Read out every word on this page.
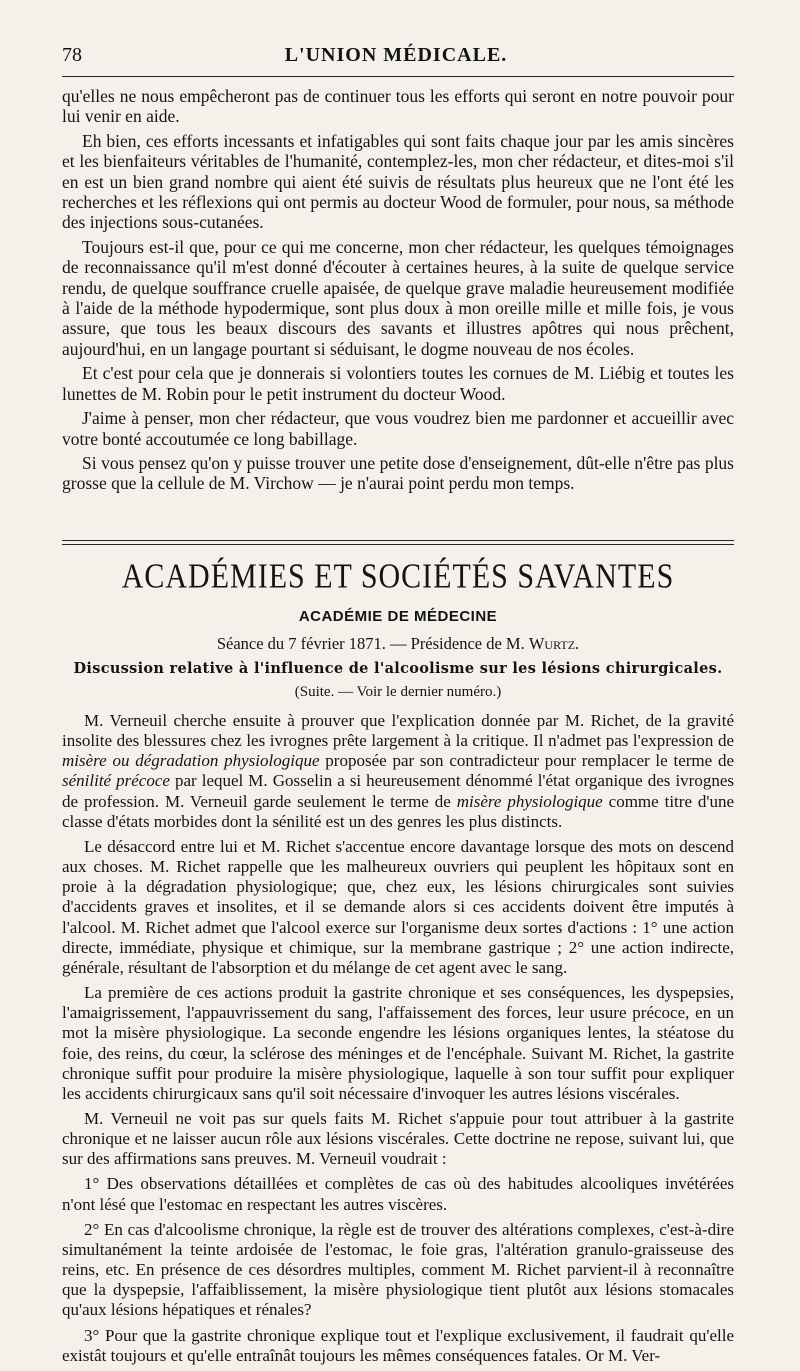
78	L'UNION MÉDICALE.

qu'elles ne nous empêcheront pas de continuer tous les efforts qui seront en notre pouvoir pour lui venir en aide.

Eh bien, ces efforts incessants et infatigables qui sont faits chaque jour par les amis sincères et les bienfaiteurs véritables de l'humanité, contemplez-les, mon cher rédacteur, et dites-moi s'il en est un bien grand nombre qui aient été suivis de résultats plus heureux que ne l'ont été les recherches et les réflexions qui ont permis au docteur Wood de formuler, pour nous, sa méthode des injections sous-cutanées.

Toujours est-il que, pour ce qui me concerne, mon cher rédacteur, les quelques témoignages de reconnaissance qu'il m'est donné d'écouter à certaines heures, à la suite de quelque service rendu, de quelque souffrance cruelle apaisée, de quelque grave maladie heureusement modifiée à l'aide de la méthode hypodermique, sont plus doux à mon oreille mille et mille fois, je vous assure, que tous les beaux discours des savants et illustres apôtres qui nous prêchent, aujourd'hui, en un langage pourtant si séduisant, le dogme nouveau de nos écoles.

Et c'est pour cela que je donnerais si volontiers toutes les cornues de M. Liébig et toutes les lunettes de M. Robin pour le petit instrument du docteur Wood.

J'aime à penser, mon cher rédacteur, que vous voudrez bien me pardonner et accueillir avec votre bonté accoutumée ce long babillage.

Si vous pensez qu'on y puisse trouver une petite dose d'enseignement, dût-elle n'être pas plus grosse que la cellule de M. Virchow — je n'aurai point perdu mon temps.

ACADÉMIES ET SOCIÉTÉS SAVANTES
ACADÉMIE DE MÉDECINE
Séance du 7 février 1871. — Présidence de M. Wurtz.
Discussion relative à l'influence de l'alcoolisme sur les lésions chirurgicales.
(Suite. — Voir le dernier numéro.)

M. Verneuil cherche ensuite à prouver que l'explication donnée par M. Richet, de la gravité insolite des blessures chez les ivrognes prête largement à la critique. Il n'admet pas l'expression de misère ou dégradation physiologique proposée par son contradicteur pour remplacer le terme de sénilité précoce par lequel M. Gosselin a si heureusement dénommé l'état organique des ivrognes de profession. M. Verneuil garde seulement le terme de misère physiologique comme titre d'une classe d'états morbides dont la sénilité est un des genres les plus distincts.

Le désaccord entre lui et M. Richet s'accentue encore davantage lorsque des mots on descend aux choses. M. Richet rappelle que les malheureux ouvriers qui peuplent les hôpitaux sont en proie à la dégradation physiologique; que, chez eux, les lésions chirurgicales sont suivies d'accidents graves et insolites, et il se demande alors si ces accidents doivent être imputés à l'alcool. M. Richet admet que l'alcool exerce sur l'organisme deux sortes d'actions : 1° une action directe, immédiate, physique et chimique, sur la membrane gastrique ; 2° une action indirecte, générale, résultant de l'absorption et du mélange de cet agent avec le sang.

La première de ces actions produit la gastrite chronique et ses conséquences, les dyspepsies, l'amaigrissement, l'appauvrissement du sang, l'affaissement des forces, leur usure précoce, en un mot la misère physiologique. La seconde engendre les lésions organiques lentes, la stéatose du foie, des reins, du cœur, la sclérose des méninges et de l'encéphale. Suivant M. Richet, la gastrite chronique suffit pour produire la misère physiologique, laquelle à son tour suffit pour expliquer les accidents chirurgicaux sans qu'il soit nécessaire d'invoquer les autres lésions viscérales.

M. Verneuil ne voit pas sur quels faits M. Richet s'appuie pour tout attribuer à la gastrite chronique et ne laisser aucun rôle aux lésions viscérales. Cette doctrine ne repose, suivant lui, que sur des affirmations sans preuves. M. Verneuil voudrait :

1° Des observations détaillées et complètes de cas où des habitudes alcooliques invétérées n'ont lésé que l'estomac en respectant les autres viscères.

2° En cas d'alcoolisme chronique, la règle est de trouver des altérations complexes, c'est-à-dire simultanément la teinte ardoisée de l'estomac, le foie gras, l'altération granulo-graisseuse des reins, etc. En présence de ces désordres multiples, comment M. Richet parvient-il à reconnaître que la dyspepsie, l'affaiblissement, la misère physiologique tient plutôt aux lésions stomacales qu'aux lésions hépatiques et rénales?

3° Pour que la gastrite chronique explique tout et l'explique exclusivement, il faudrait qu'elle existât toujours et qu'elle entraînât toujours les mêmes conséquences fatales. Or M. Ver-
